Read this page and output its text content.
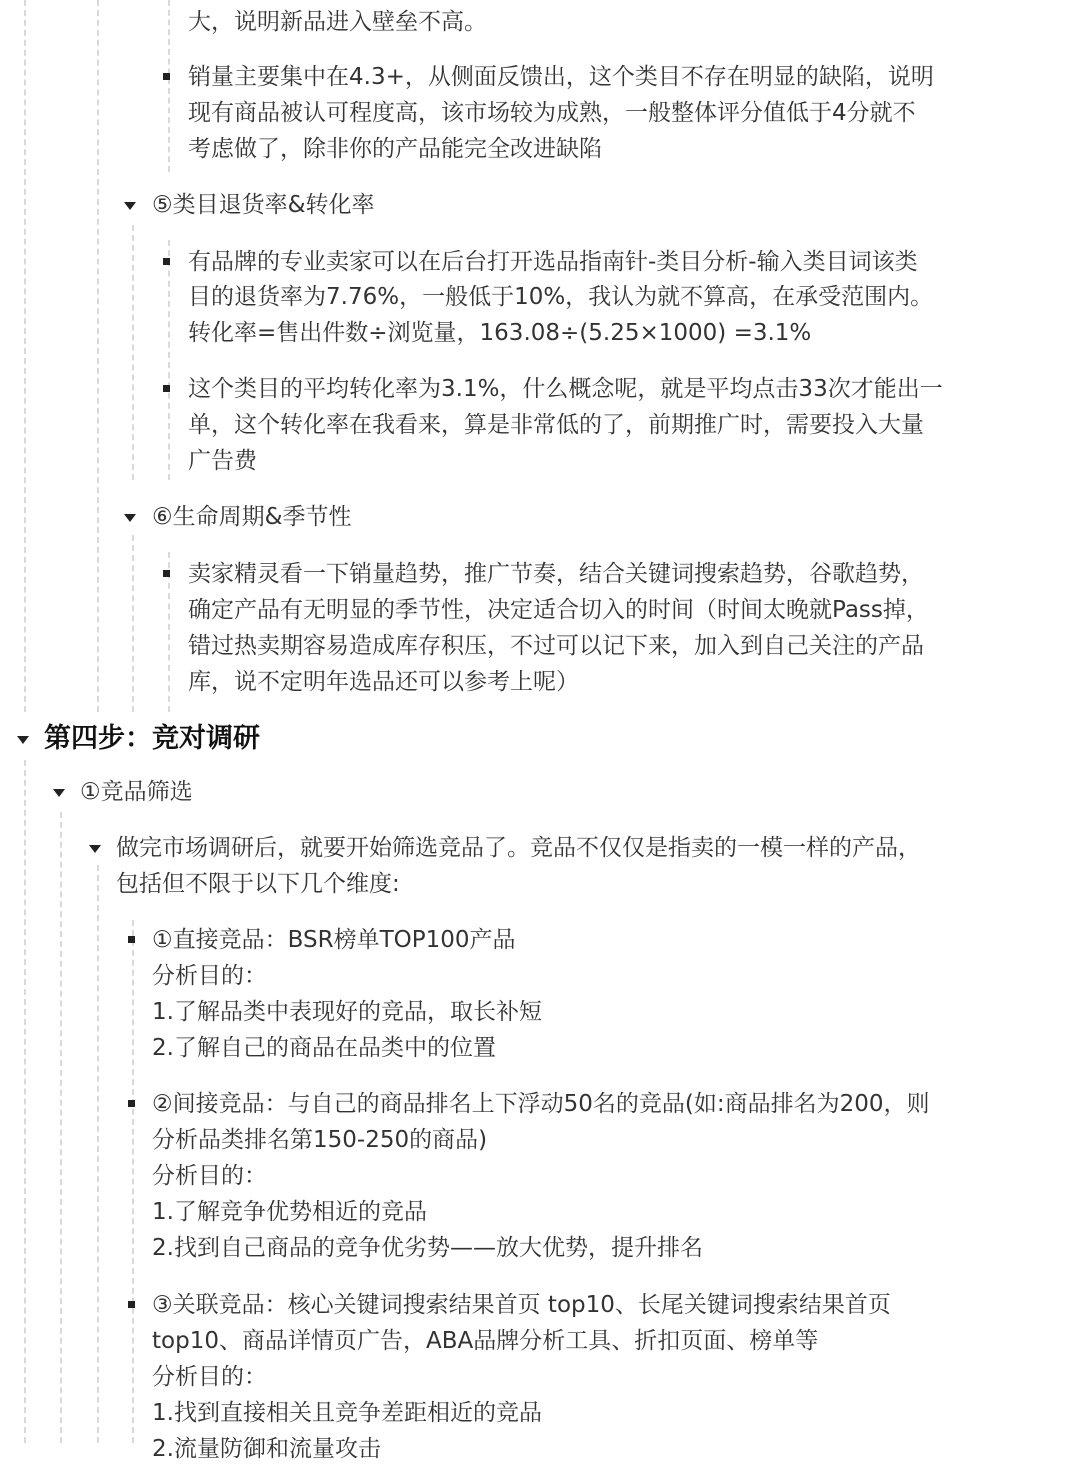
大，说明新品进入壁垒不高。
销量主要集中在4.3+，从侧面反馈出，这个类目不存在明显的缺陷，说明
现有商品被认可程度高，该市场较为成熟，一般整体评分值低于4分就不
考虑做了，除非你的产品能完全改进缺陷
⑤类目退货率&转化率
有品牌的专业卖家可以在后台打开选品指南针-类目分析-输入类目词该类
目的退货率为7.76%，一般低于10%，我认为就不算高，在承受范围内。
转化率=售出件数÷浏览量，163.08÷(5.25×1000) =3.1%
这个类目的平均转化率为3.1%，什么概念呢，就是平均点击33次才能出一
单，这个转化率在我看来，算是非常低的了，前期推广时，需要投入大量
广告费
⑥生命周期&季节性
卖家精灵看一下销量趋势，推广节奏，结合关键词搜索趋势，谷歌趋势，
确定产品有无明显的季节性，决定适合切入的时间（时间太晚就Pass掉，
错过热卖期容易造成库存积压，不过可以记下来，加入到自己关注的产品
库，说不定明年选品还可以参考上呢）
第四步：竞对调研
①竞品筛选
做完市场调研后，就要开始筛选竞品了。竞品不仅仅是指卖的一模一样的产品，
包括但不限于以下几个维度:
①直接竞品：BSR榜单TOP100产品
分析目的：
1.了解品类中表现好的竞品，取长补短
2.了解自己的商品在品类中的位置
②间接竞品：与自己的商品排名上下浮动50名的竞品(如:商品排名为200，则
分析品类排名第150-250的商品)
分析目的：
1.了解竞争优势相近的竞品
2.找到自己商品的竞争优劣势——放大优势，提升排名
③关联竞品：核心关键词搜索结果首页 top10、长尾关键词搜索结果首页
top10、商品详情页广告，ABA品牌分析工具、折扣页面、榜单等
分析目的：
1.找到直接相关且竞争差距相近的竞品
2.流量防御和流量攻击
